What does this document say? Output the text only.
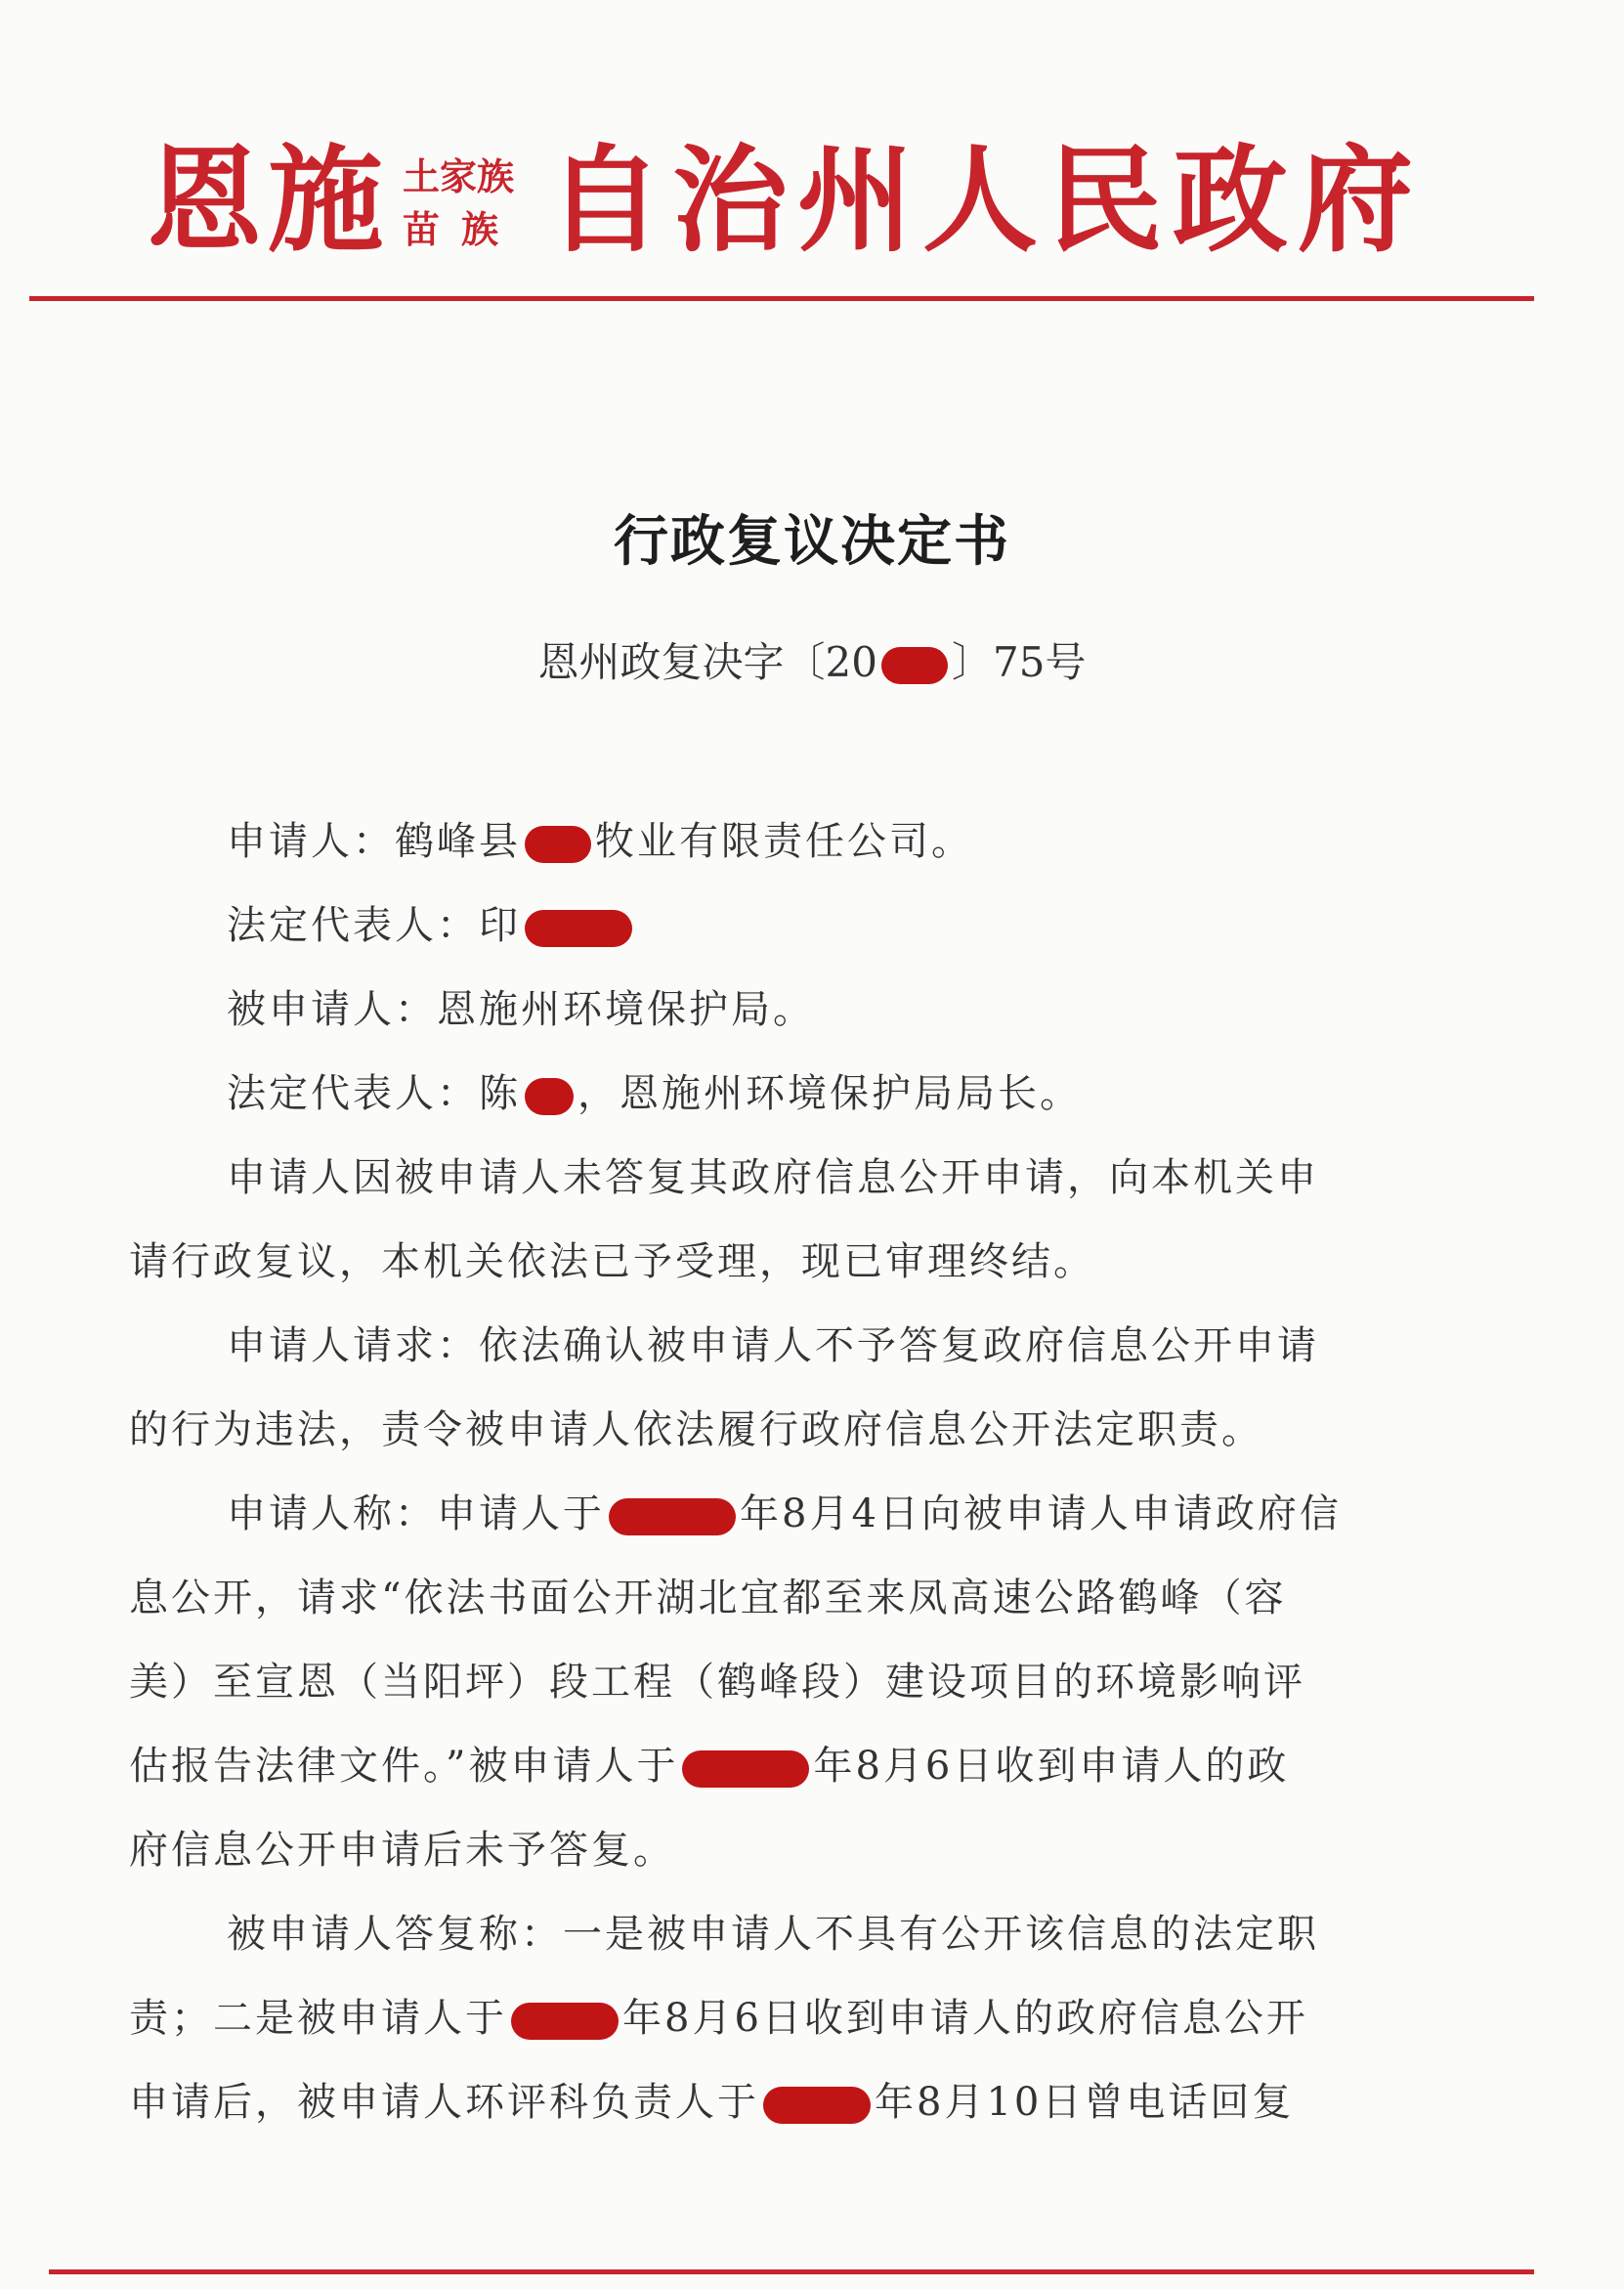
恩施 土家族
苗族 自治州人民政府
行政复议决定书
恩州政复决字〔20 〕75号
申请人：鹤峰县 牧业有限责任公司。
法定代表人：印
被申请人：恩施州环境保护局。
法定代表人：陈 ，恩施州环境保护局局长。
申请人因被申请人未答复其政府信息公开申请，向本机关申
请行政复议，本机关依法已予受理，现已审理终结。
申请人请求：依法确认被申请人不予答复政府信息公开申请
的行为违法，责令被申请人依法履行政府信息公开法定职责。
申请人称：申请人于	年8月4日向被申请人申请政府信
息公开，请求“依法书面公开湖北宜都至来凤高速公路鹤峰（容
美）至宣恩（当阳坪）段工程（鹤峰段）建设项目的环境影响评
估报告法律文件。”被申请人于	年8月6日收到申请人的政
府信息公开申请后未予答复。
被申请人答复称：一是被申请人不具有公开该信息的法定职
责；二是被申请人于	年8月6日收到申请人的政府信息公开
申请后，被申请人环评科负责人于	年8月10日曾电话回复
